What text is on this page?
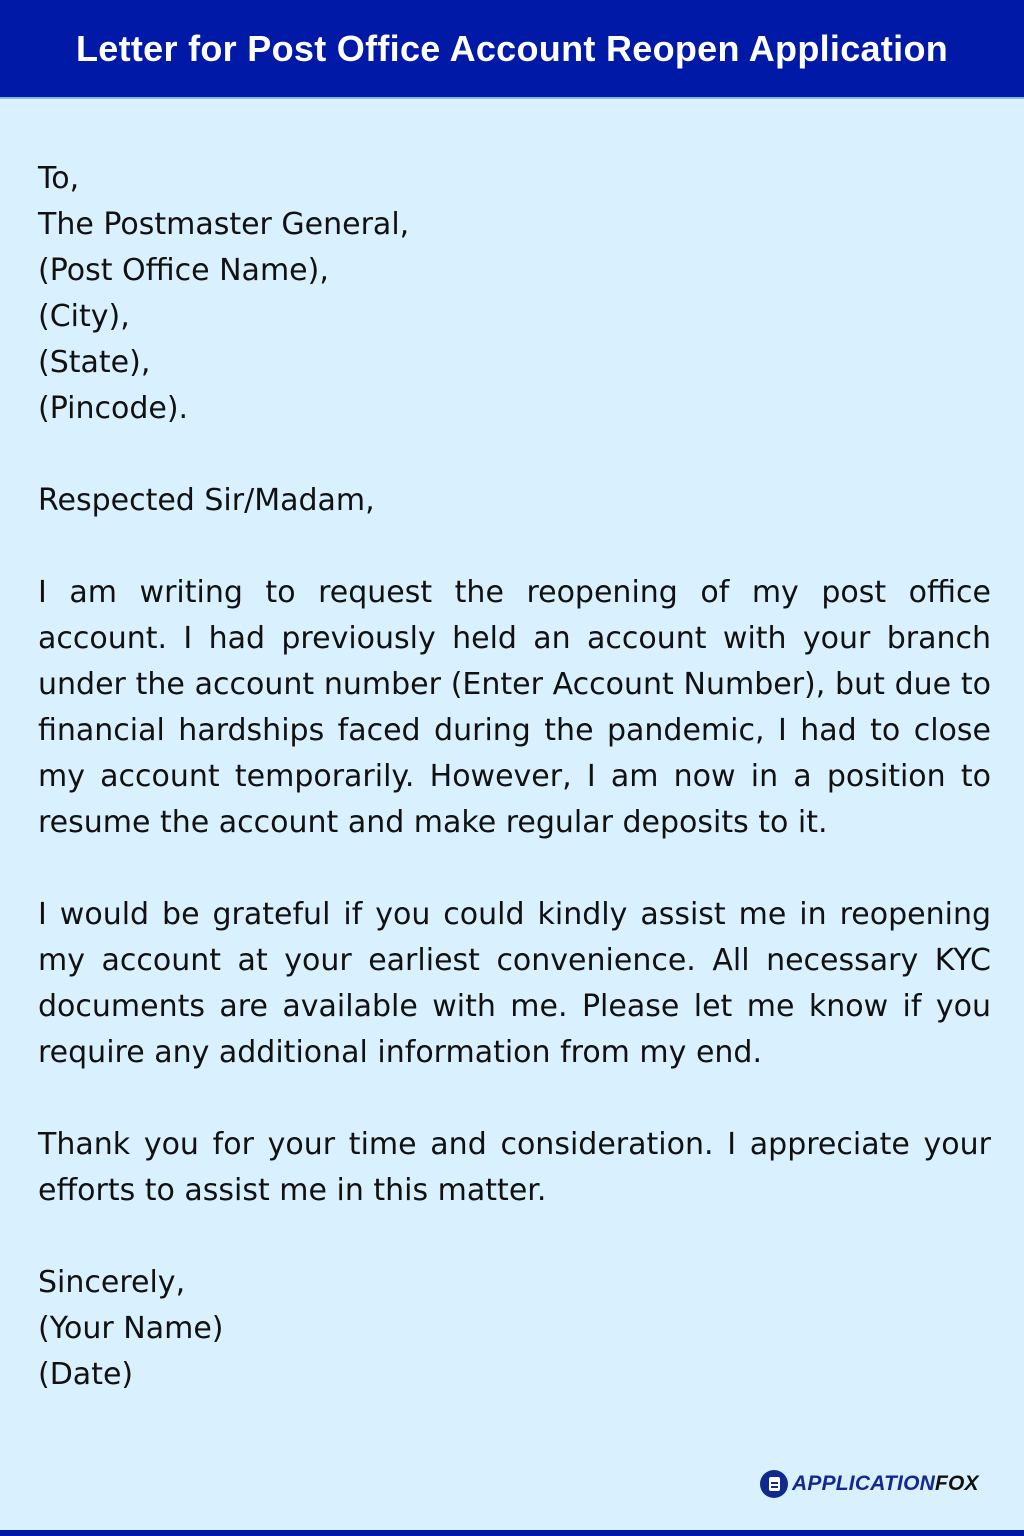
Letter for Post Office Account Reopen Application

To,

The Postmaster General,

(Post Office Name),

(City),

(State),

(Pincode).

Respected Sir/Madam,

I am writing to request the reopening of my post office account. I had previously held an account with your branch under the account number (Enter Account Number), but due to financial hardships faced during the pandemic, I had to close my account temporarily. However, I am now in a position to resume the account and make regular deposits to it.

I would be grateful if you could kindly assist me in reopening my account at your earliest convenience. All necessary KYC documents are available with me. Please let me know if you require any additional information from my end.

Thank you for your time and consideration. I appreciate your efforts to assist me in this matter.

Sincerely,

(Your Name)

(Date)

APPLICATIONFOX
